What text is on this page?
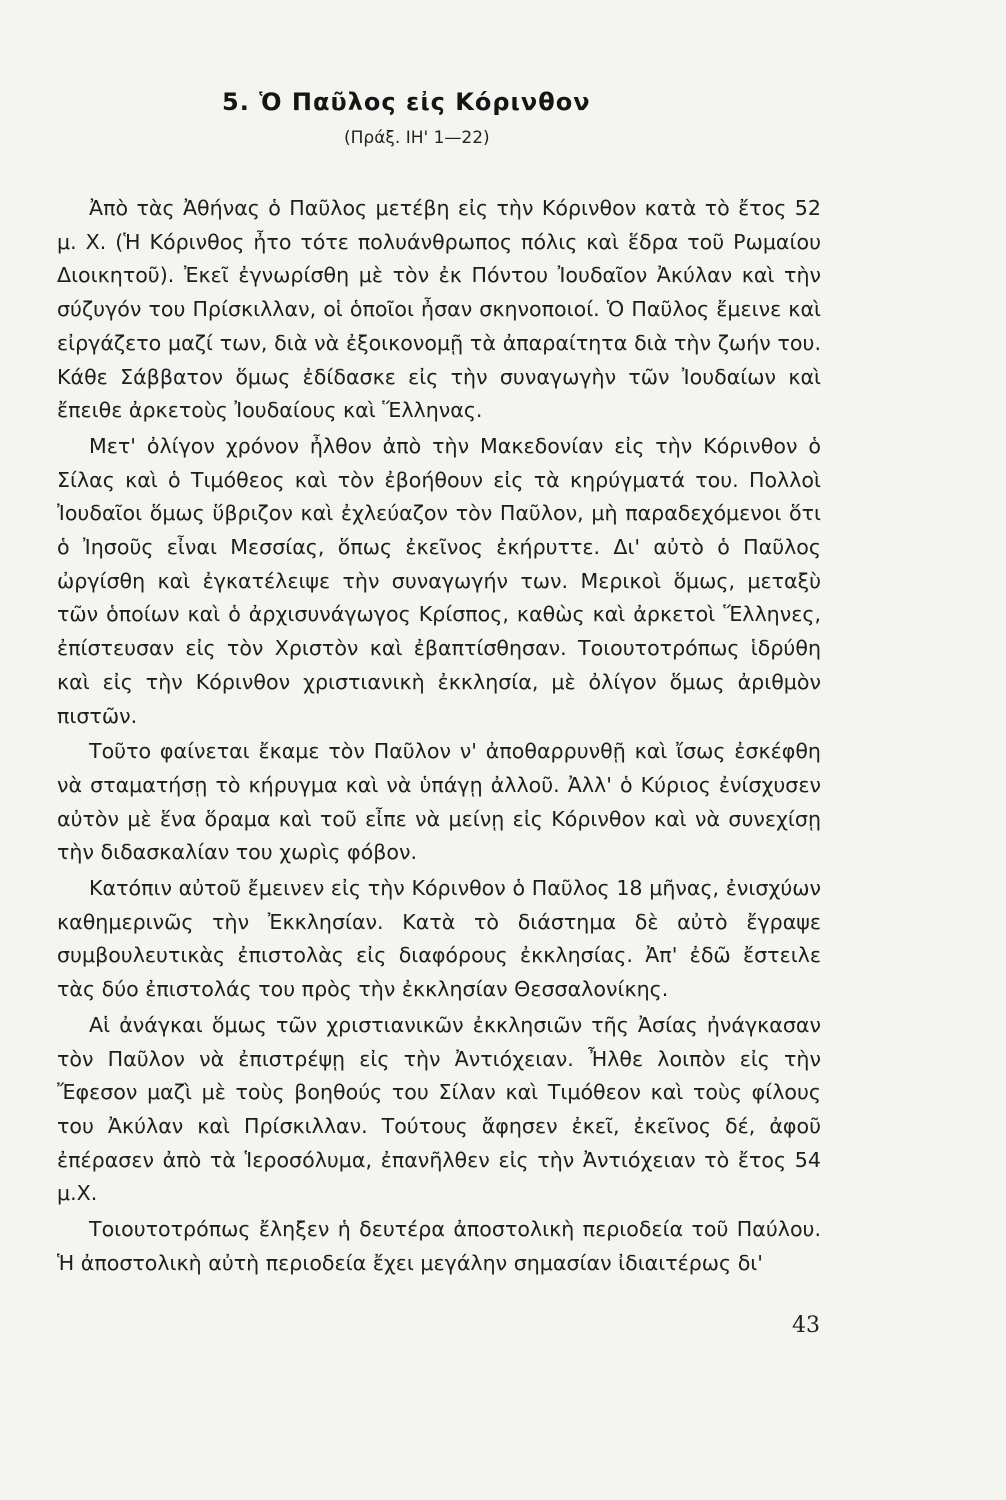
5. Ὁ Παῦλος εἰς Κόρινθον
(Πράξ. ΙΗ' 1—22)

Ἀπὸ τὰς Ἀθήνας ὁ Παῦλος μετέβη εἰς τὴν Κόρινθον κατὰ τὸ ἔτος 52 μ. Χ. (Ἡ Κόρινθος ἦτο τότε πολυάνθρωπος πόλις καὶ ἕδρα τοῦ Ρωμαίου Διοικητοῦ). Ἐκεῖ ἐγνωρίσθη μὲ τὸν ἐκ Πόντου Ἰουδαῖον Ἀκύλαν καὶ τὴν σύζυγόν του Πρίσκιλλαν, οἱ ὁποῖοι ἦσαν σκηνοποιοί. Ὁ Παῦλος ἔμεινε καὶ εἰργάζετο μαζί των, διὰ νὰ ἐξοικονομῇ τὰ ἀπαραίτητα διὰ τὴν ζωήν του. Κάθε Σάββατον ὅμως ἐδίδασκε εἰς τὴν συναγωγὴν τῶν Ἰουδαίων καὶ ἔπειθε ἀρκετοὺς Ἰουδαίους καὶ Ἕλληνας.

Μετ' ὀλίγον χρόνον ἦλθον ἀπὸ τὴν Μακεδονίαν εἰς τὴν Κόρινθον ὁ Σίλας καὶ ὁ Τιμόθεος καὶ τὸν ἐβοήθουν εἰς τὰ κηρύγματά του. Πολλοὶ Ἰουδαῖοι ὅμως ὕβριζον καὶ ἐχλεύαζον τὸν Παῦλον, μὴ παραδεχόμενοι ὅτι ὁ Ἰησοῦς εἶναι Μεσσίας, ὅπως ἐκεῖνος ἐκήρυττε. Δι' αὐτὸ ὁ Παῦλος ὠργίσθη καὶ ἐγκατέλειψε τὴν συναγωγήν των. Μερικοὶ ὅμως, μεταξὺ τῶν ὁποίων καὶ ὁ ἀρχισυνάγωγος Κρίσπος, καθὼς καὶ ἀρκετοὶ Ἕλληνες, ἐπίστευσαν εἰς τὸν Χριστὸν καὶ ἐβαπτίσθησαν. Τοιουτοτρόπως ἱδρύθη καὶ εἰς τὴν Κόρινθον χριστιανικὴ ἐκκλησία, μὲ ὀλίγον ὅμως ἀριθμὸν πιστῶν.

Τοῦτο φαίνεται ἔκαμε τὸν Παῦλον ν' ἀποθαρρυνθῇ καὶ ἴσως ἐσκέφθη νὰ σταματήσῃ τὸ κήρυγμα καὶ νὰ ὑπάγῃ ἀλλοῦ. Ἀλλ' ὁ Κύριος ἐνίσχυσεν αὐτὸν μὲ ἕνα ὅραμα καὶ τοῦ εἶπε νὰ μείνῃ εἰς Κόρινθον καὶ νὰ συνεχίσῃ τὴν διδασκαλίαν του χωρὶς φόβον.

Κατόπιν αὐτοῦ ἔμεινεν εἰς τὴν Κόρινθον ὁ Παῦλος 18 μῆνας, ἐνισχύων καθημερινῶς τὴν Ἐκκλησίαν. Κατὰ τὸ διάστημα δὲ αὐτὸ ἔγραψε συμβουλευτικὰς ἐπιστολὰς εἰς διαφόρους ἐκκλησίας. Ἀπ' ἐδῶ ἔστειλε τὰς δύο ἐπιστολάς του πρὸς τὴν ἐκκλησίαν Θεσσαλονίκης.

Αἱ ἀνάγκαι ὅμως τῶν χριστιανικῶν ἐκκλησιῶν τῆς Ἀσίας ἠνάγκασαν τὸν Παῦλον νὰ ἐπιστρέψῃ εἰς τὴν Ἀντιόχειαν. Ἦλθε λοιπὸν εἰς τὴν Ἔφεσον μαζὶ μὲ τοὺς βοηθούς του Σίλαν καὶ Τιμόθεον καὶ τοὺς φίλους του Ἀκύλαν καὶ Πρίσκιλλαν. Τούτους ἄφησεν ἐκεῖ, ἐκεῖνος δέ, ἀφοῦ ἐπέρασεν ἀπὸ τὰ Ἱεροσόλυμα, ἐπανῆλθεν εἰς τὴν Ἀντιόχειαν τὸ ἔτος 54 μ.Χ.

Τοιουτοτρόπως ἔληξεν ἡ δευτέρα ἀποστολικὴ περιοδεία τοῦ Παύλου. Ἡ ἀποστολικὴ αὐτὴ περιοδεία ἔχει μεγάλην σημασίαν ἰδιαιτέρως δι'

43
